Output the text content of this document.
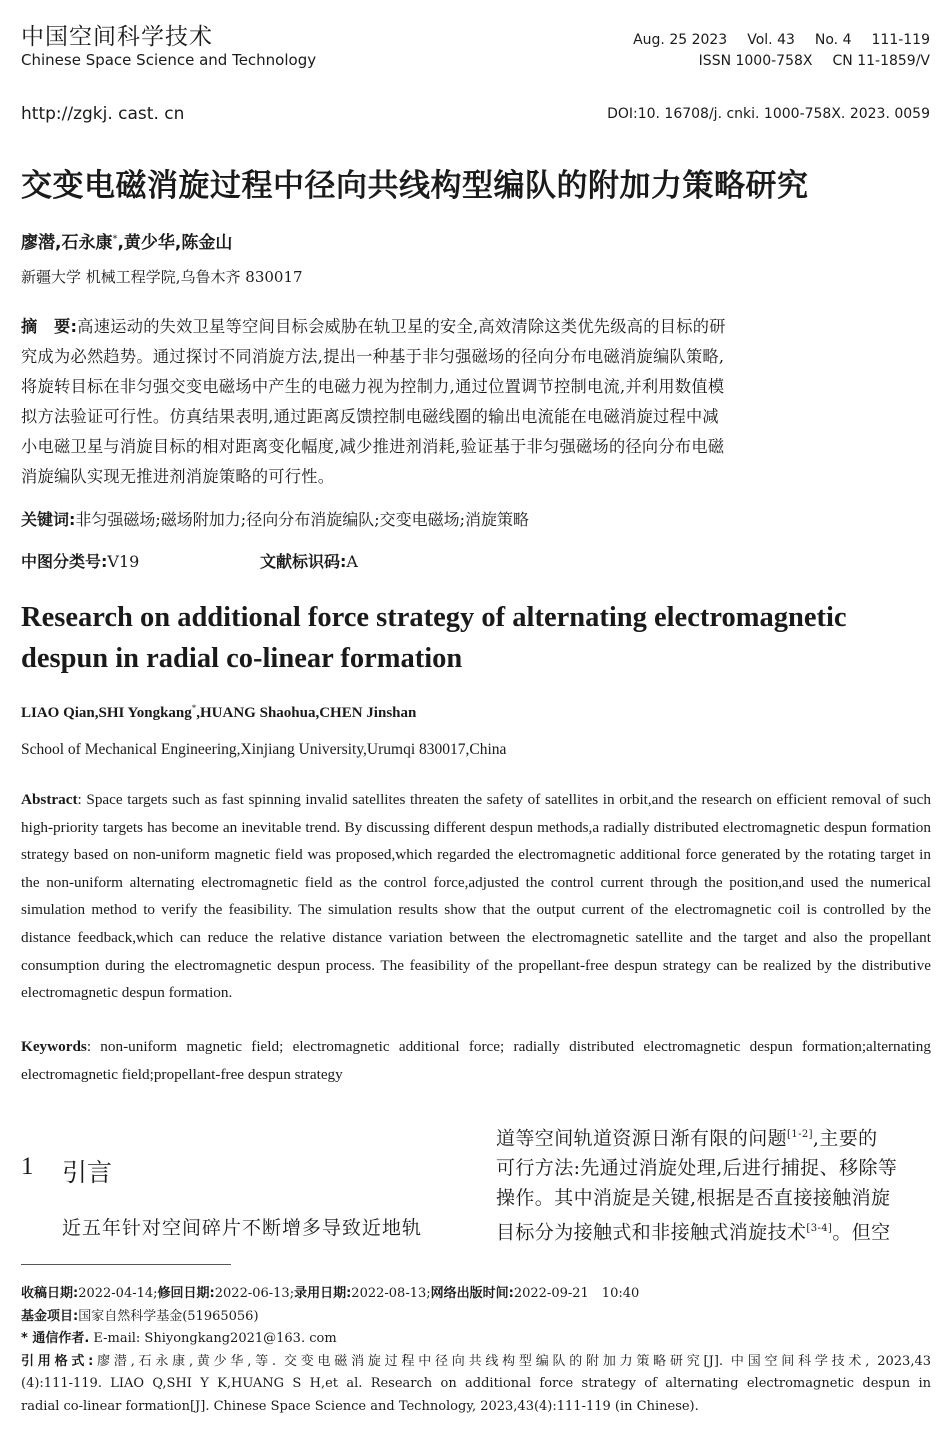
中国空间科学技术
Chinese Space Science and Technology
Aug. 25 2023 Vol. 43 No. 4 111-119
ISSN 1000-758X CN 11-1859/V
http://zgkj. cast. cn	DOI:10. 16708/j. cnki. 1000-758X. 2023. 0059
交变电磁消旋过程中径向共线构型编队的附加力策略研究
廖潜,石永康*,黄少华,陈金山
新疆大学 机械工程学院,乌鲁木齐 830017
摘　要:高速运动的失效卫星等空间目标会威胁在轨卫星的安全,高效清除这类优先级高的目标的研
究成为必然趋势。通过探讨不同消旋方法,提出一种基于非匀强磁场的径向分布电磁消旋编队策略,
将旋转目标在非匀强交变电磁场中产生的电磁力视为控制力,通过位置调节控制电流,并利用数值模
拟方法验证可行性。仿真结果表明,通过距离反馈控制电磁线圈的输出电流能在电磁消旋过程中减
小电磁卫星与消旋目标的相对距离变化幅度,减少推进剂消耗,验证基于非匀强磁场的径向分布电磁
消旋编队实现无推进剂消旋策略的可行性。
关键词:非匀强磁场;磁场附加力;径向分布消旋编队;交变电磁场;消旋策略
中图分类号:V19	文献标识码:A
Research on additional force strategy of alternating electromagnetic
despun in radial co-linear formation
LIAO Qian,SHI Yongkang*,HUANG Shaohua,CHEN Jinshan
School of Mechanical Engineering,Xinjiang University,Urumqi 830017,China
Abstract: Space targets such as fast spinning invalid satellites threaten the safety of satellites in orbit,and the research on efficient removal of such high-priority targets has become an inevitable trend. By discussing different despun methods,a radially distributed electromagnetic despun formation strategy based on non-uniform magnetic field was proposed,which regarded the electromagnetic additional force generated by the rotating target in the non-uniform alternating electromagnetic field as the control force,adjusted the control current through the position,and used the numerical simulation method to verify the feasibility. The simulation results show that the output current of the electromagnetic coil is controlled by the distance feedback,which can reduce the relative distance variation between the electromagnetic satellite and the target and also the propellant consumption during the electromagnetic despun process. The feasibility of the propellant-free despun strategy can be realized by the distributive electromagnetic despun formation.
Keywords: non-uniform magnetic field; electromagnetic additional force; radially distributed electromagnetic despun formation;alternating electromagnetic field;propellant-free despun strategy
1 引言
近五年针对空间碎片不断增多导致近地轨
道等空间轨道资源日渐有限的问题[1-2],主要的
可行方法:先通过消旋处理,后进行捕捉、移除等
操作。其中消旋是关键,根据是否直接接触消旋
目标分为接触式和非接触式消旋技术[3-4]。但空
收稿日期:2022-04-14;修回日期:2022-06-13;录用日期:2022-08-13;网络出版时间:2022-09-21　10:40
基金项目:国家自然科学基金(51965056)
* 通信作者. E-mail: Shiyongkang2021@163. com
引用格式:廖潜,石永康,黄少华,等. 交变电磁消旋过程中径向共线构型编队的附加力策略研究[J]. 中国空间科学技术, 2023,43
(4):111-119. LIAO Q,SHI Y K,HUANG S H,et al. Research on additional force strategy of alternating electromagnetic despun in
radial co-linear formation[J]. Chinese Space Science and Technology, 2023,43(4):111-119 (in Chinese).
